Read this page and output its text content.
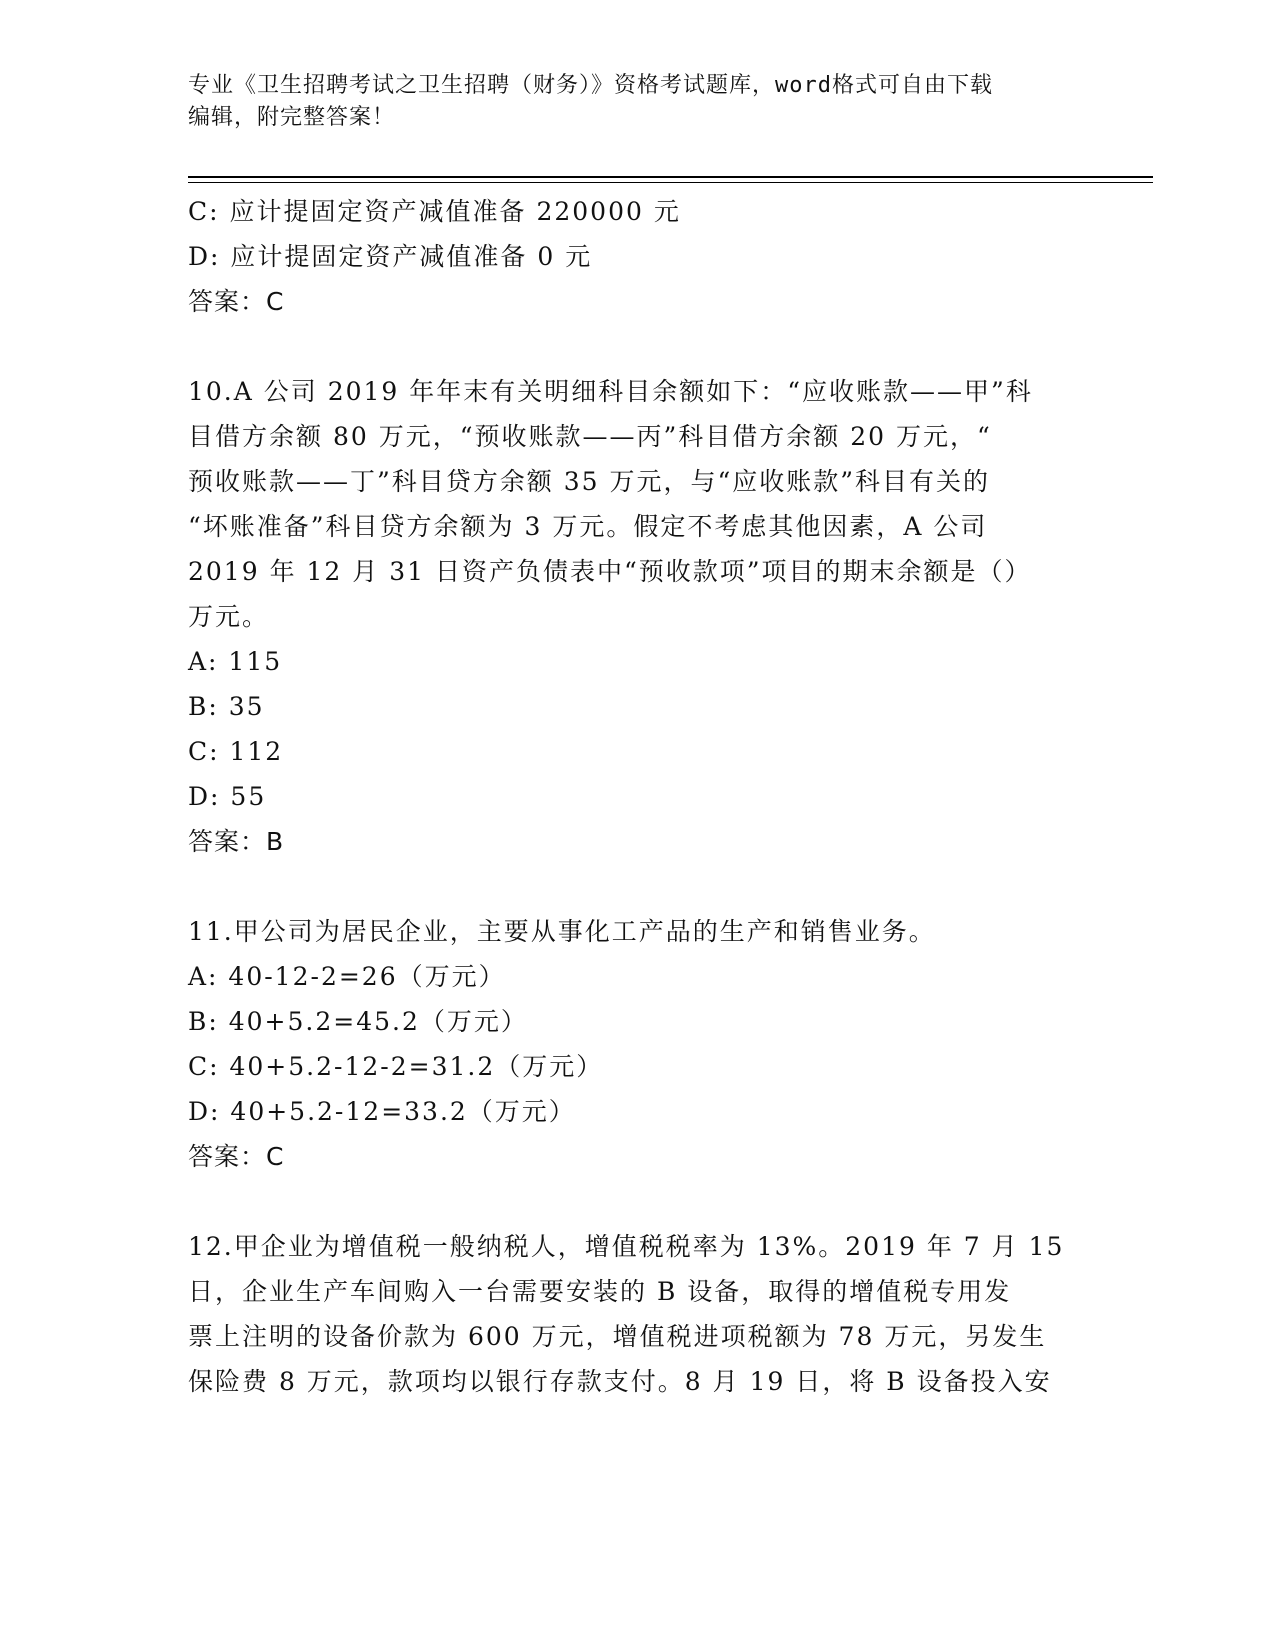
专业《卫生招聘考试之卫生招聘（财务）》资格考试题库，word格式可自由下载
编辑，附完整答案！
C: 应计提固定资产减值准备 220000 元
D: 应计提固定资产减值准备 0 元
答案：C
10.A 公司 2019 年年末有关明细科目余额如下：“应收账款——甲”科
目借方余额 80 万元，“预收账款——丙”科目借方余额 20 万元，“
预收账款——丁”科目贷方余额 35 万元，与“应收账款”科目有关的
“坏账准备”科目贷方余额为 3 万元。假定不考虑其他因素，A 公司
2019 年 12 月 31 日资产负债表中“预收款项”项目的期末余额是（）
万元。
A: 115
B: 35
C: 112
D: 55
答案：B
11.甲公司为居民企业，主要从事化工产品的生产和销售业务。
A: 40-12-2=26（万元）
B: 40+5.2=45.2（万元）
C: 40+5.2-12-2=31.2（万元）
D: 40+5.2-12=33.2（万元）
答案：C
12.甲企业为增值税一般纳税人，增值税税率为 13%。2019 年 7 月 15
日，企业生产车间购入一台需要安装的 B 设备，取得的增值税专用发
票上注明的设备价款为 600 万元，增值税进项税额为 78 万元，另发生
保险费 8 万元，款项均以银行存款支付。8 月 19 日，将 B 设备投入安
